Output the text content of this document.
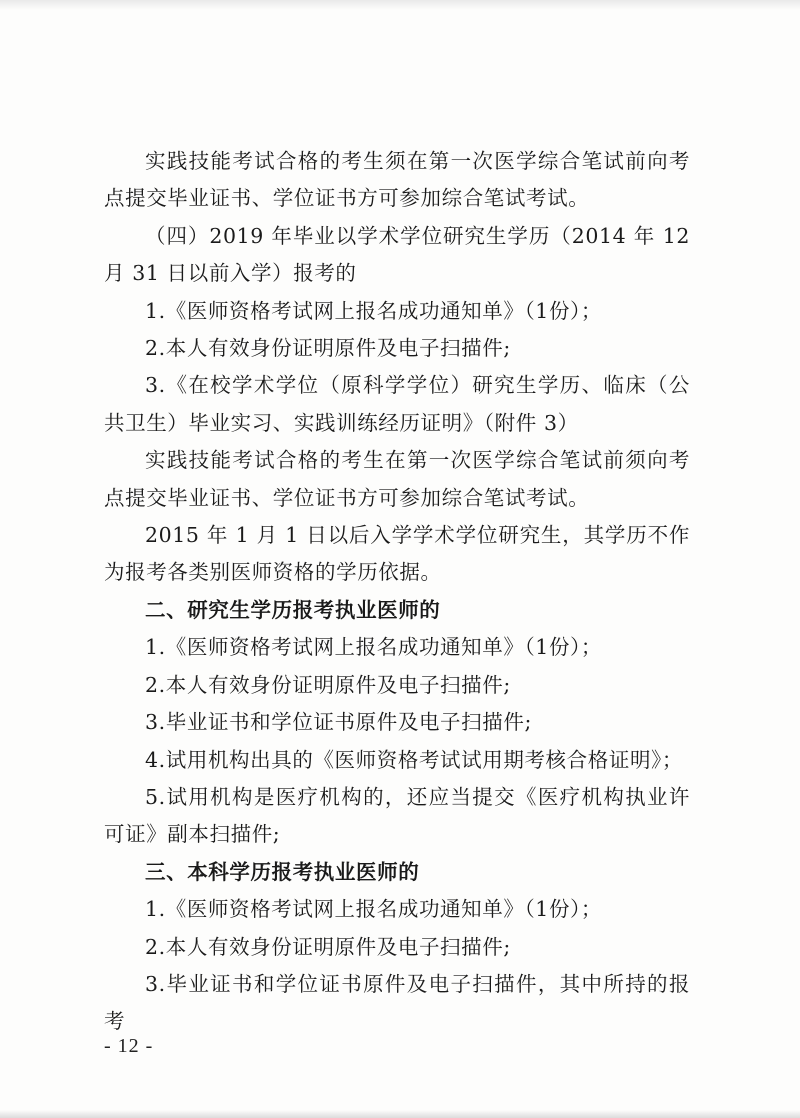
实践技能考试合格的考生须在第一次医学综合笔试前向考点提交毕业证书、学位证书方可参加综合笔试考试。

（四）2019 年毕业以学术学位研究生学历（2014 年 12 月 31 日以前入学）报考的

1.《医师资格考试网上报名成功通知单》（1份）；

2.本人有效身份证明原件及电子扫描件;

3.《在校学术学位（原科学学位）研究生学历、临床（公共卫生）毕业实习、实践训练经历证明》（附件 3）

实践技能考试合格的考生在第一次医学综合笔试前须向考点提交毕业证书、学位证书方可参加综合笔试考试。

2015 年 1 月 1 日以后入学学术学位研究生，其学历不作为报考各类别医师资格的学历依据。

二、研究生学历报考执业医师的

1.《医师资格考试网上报名成功通知单》（1份）；

2.本人有效身份证明原件及电子扫描件;

3.毕业证书和学位证书原件及电子扫描件;

4.试用机构出具的《医师资格考试试用期考核合格证明》；

5.试用机构是医疗机构的，还应当提交《医疗机构执业许可证》副本扫描件;

三、本科学历报考执业医师的

1.《医师资格考试网上报名成功通知单》（1份）；

2.本人有效身份证明原件及电子扫描件;

3.毕业证书和学位证书原件及电子扫描件，其中所持的报考

- 12 -
